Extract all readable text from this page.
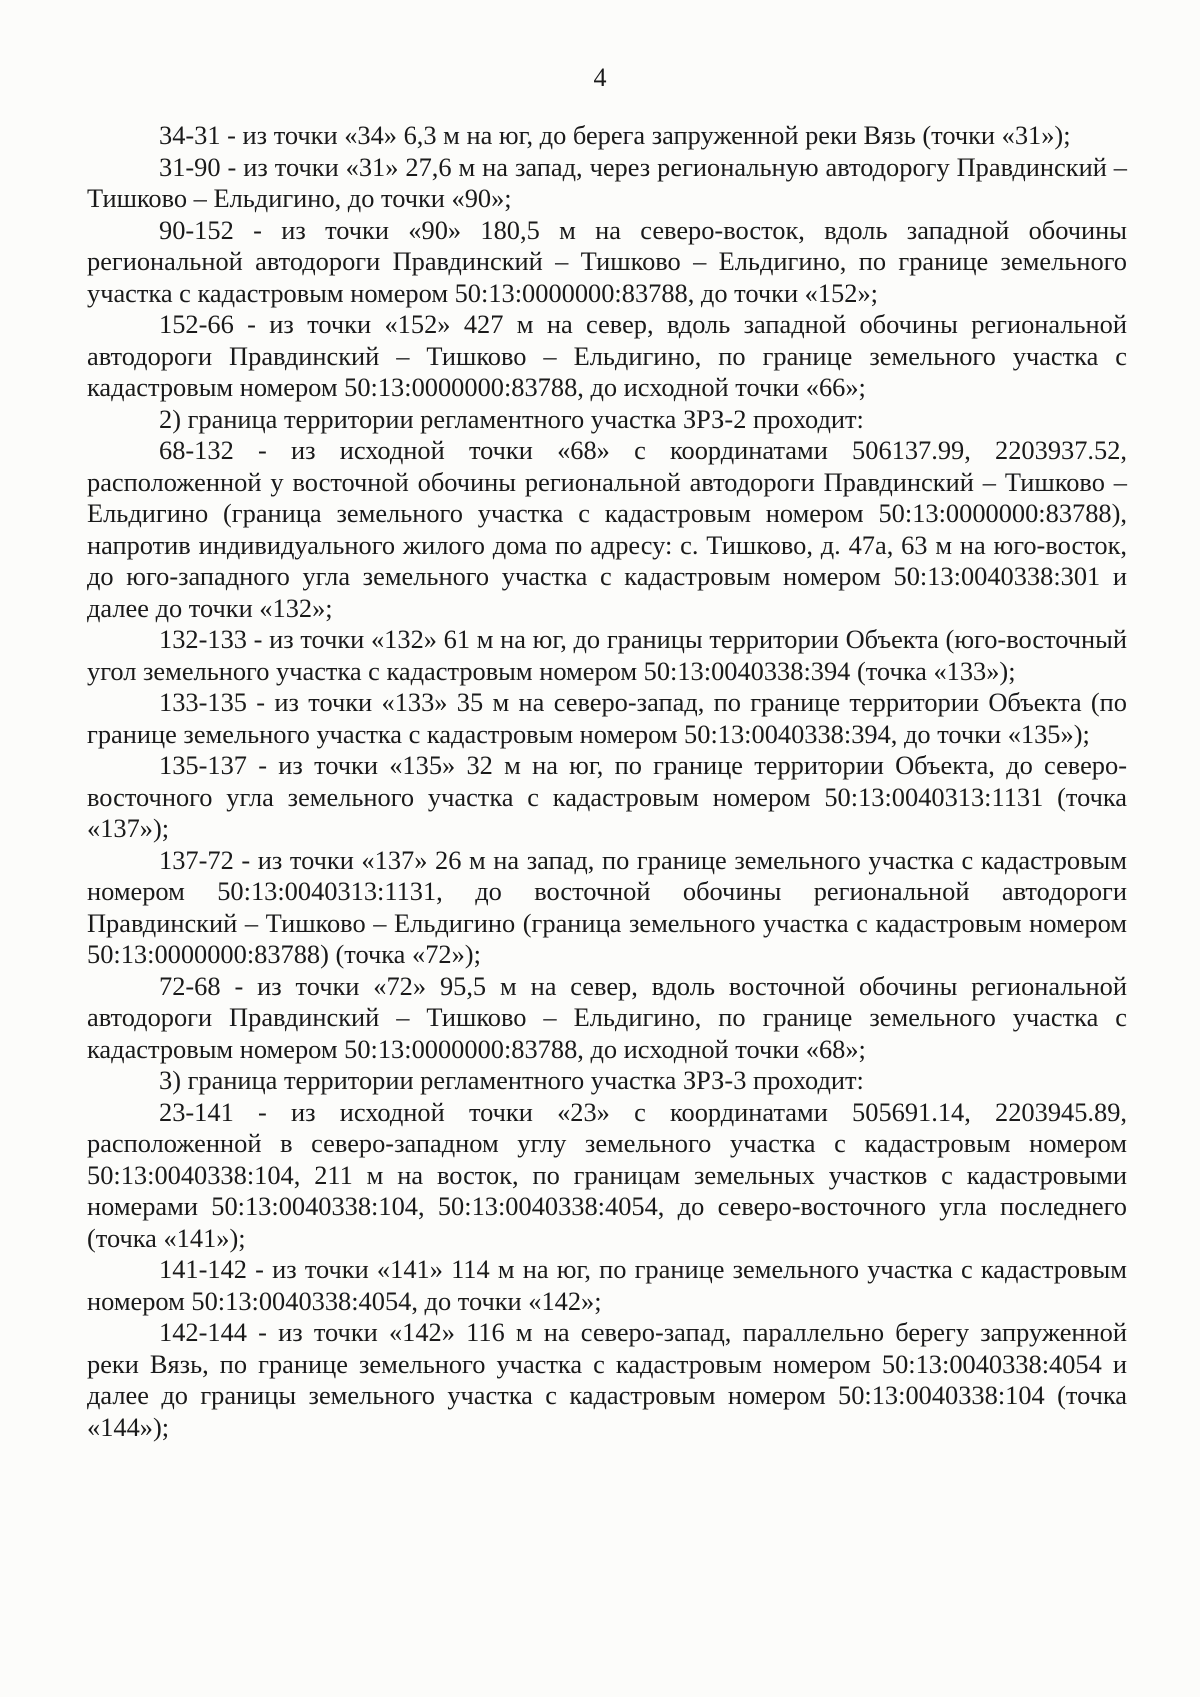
4

34-31 - из точки «34» 6,3 м на юг, до берега запруженной реки Вязь (точки «31»);

31-90 - из точки «31» 27,6 м на запад, через региональную автодорогу Правдинский – Тишково – Ельдигино, до точки «90»;

90-152 - из точки «90» 180,5 м на северо-восток, вдоль западной обочины региональной автодороги Правдинский – Тишково – Ельдигино, по границе земельного участка с кадастровым номером 50:13:0000000:83788, до точки «152»;

152-66 - из точки «152» 427 м на север, вдоль западной обочины региональной автодороги Правдинский – Тишково – Ельдигино, по границе земельного участка с кадастровым номером 50:13:0000000:83788, до исходной точки «66»;

2) граница территории регламентного участка ЗРЗ-2 проходит:

68-132 - из исходной точки «68» с координатами 506137.99, 2203937.52, расположенной у восточной обочины региональной автодороги Правдинский – Тишково – Ельдигино (граница земельного участка с кадастровым номером 50:13:0000000:83788), напротив индивидуального жилого дома по адресу: с. Тишково, д. 47а, 63 м на юго-восток, до юго-западного угла земельного участка с кадастровым номером 50:13:0040338:301 и далее до точки «132»;

132-133 - из точки «132» 61 м на юг, до границы территории Объекта (юго-восточный угол земельного участка с кадастровым номером 50:13:0040338:394 (точка «133»);

133-135 - из точки «133» 35 м на северо-запад, по границе территории Объекта (по границе земельного участка с кадастровым номером 50:13:0040338:394, до точки «135»);

135-137 - из точки «135» 32 м на юг, по границе территории Объекта, до северо-восточного угла земельного участка с кадастровым номером 50:13:0040313:1131 (точка «137»);

137-72 - из точки «137» 26 м на запад, по границе земельного участка с кадастровым номером 50:13:0040313:1131, до восточной обочины региональной автодороги Правдинский – Тишково – Ельдигино (граница земельного участка с кадастровым номером 50:13:0000000:83788) (точка «72»);

72-68 - из точки «72» 95,5 м на север, вдоль восточной обочины региональной автодороги Правдинский – Тишково – Ельдигино, по границе земельного участка с кадастровым номером 50:13:0000000:83788, до исходной точки «68»;

3) граница территории регламентного участка ЗРЗ-3 проходит:

23-141 - из исходной точки «23» с координатами 505691.14, 2203945.89, расположенной в северо-западном углу земельного участка с кадастровым номером 50:13:0040338:104, 211 м на восток, по границам земельных участков с кадастровыми номерами 50:13:0040338:104, 50:13:0040338:4054, до северо-восточного угла последнего (точка «141»);

141-142 - из точки «141» 114 м на юг, по границе земельного участка с кадастровым номером 50:13:0040338:4054, до точки «142»;

142-144 - из точки «142» 116 м на северо-запад, параллельно берегу запруженной реки Вязь, по границе земельного участка с кадастровым номером 50:13:0040338:4054 и далее до границы земельного участка с кадастровым номером 50:13:0040338:104 (точка «144»);
